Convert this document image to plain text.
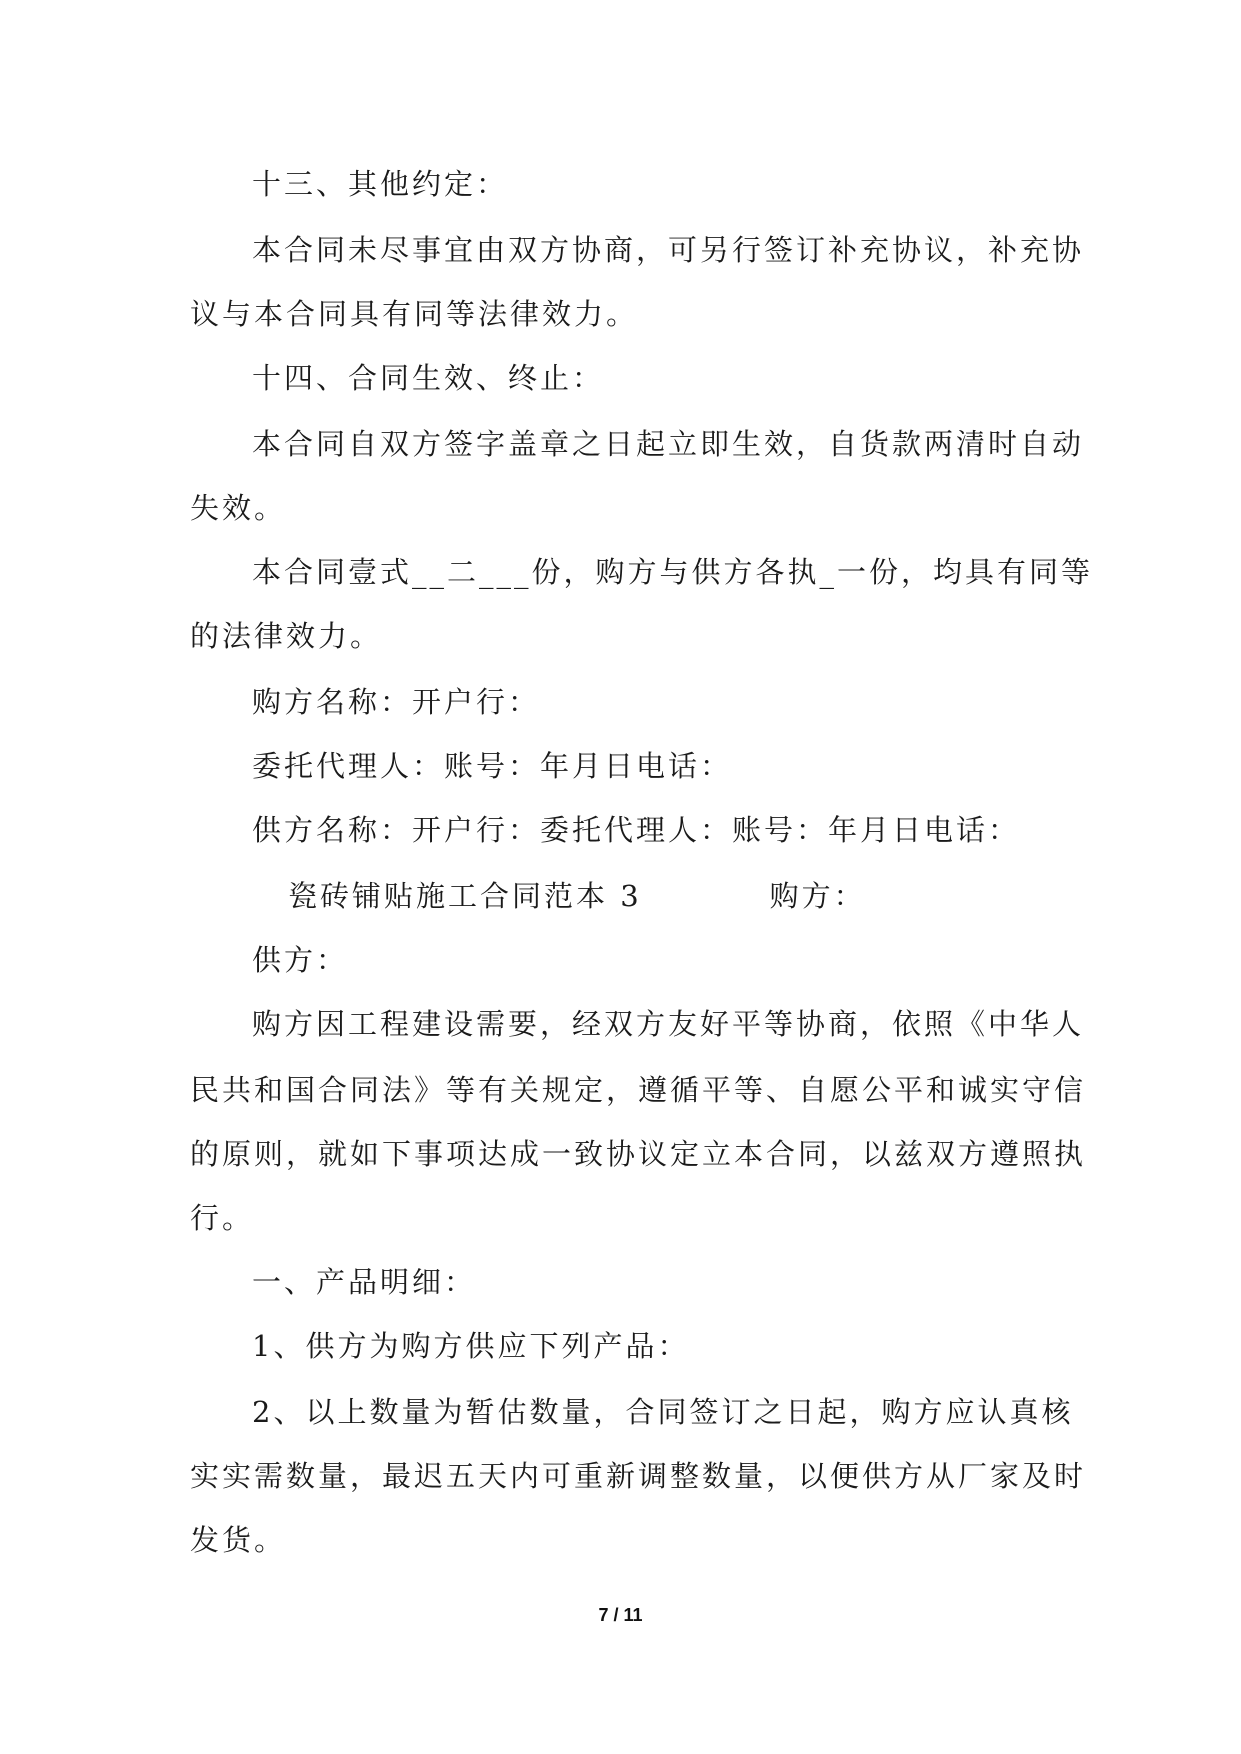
十三、其他约定：
本合同未尽事宜由双方协商，可另行签订补充协议，补充协
议与本合同具有同等法律效力。
十四、合同生效、终止：
本合同自双方签字盖章之日起立即生效，自货款两清时自动
失效。
本合同壹式__二___份，购方与供方各执_一份，均具有同等
的法律效力。
购方名称：开户行：
委托代理人：账号：年月日电话：
供方名称：开户行：委托代理人：账号：年月日电话：
瓷砖铺贴施工合同范本 3	购方：
供方：
购方因工程建设需要，经双方友好平等协商，依照《中华人
民共和国合同法》等有关规定，遵循平等、自愿公平和诚实守信
的原则，就如下事项达成一致协议定立本合同，以兹双方遵照执
行。
一、产品明细：
1、供方为购方供应下列产品：
2、以上数量为暂估数量，合同签订之日起，购方应认真核
实实需数量，最迟五天内可重新调整数量，以便供方从厂家及时
发货。
7 / 11
